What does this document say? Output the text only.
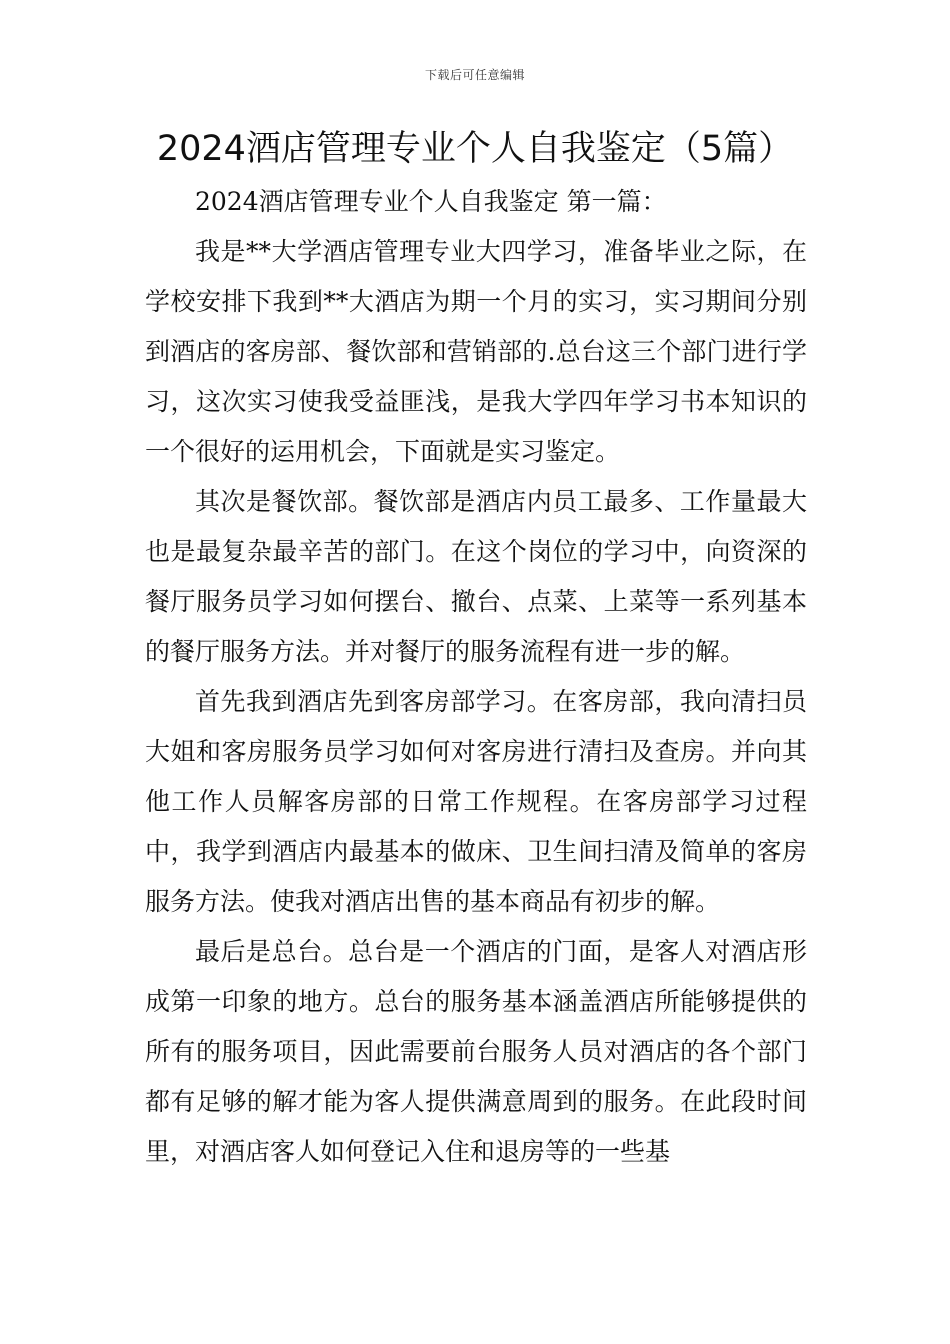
下载后可任意编辑
2024酒店管理专业个人自我鉴定（5篇）

2024酒店管理专业个人自我鉴定 第一篇：

我是**大学酒店管理专业大四学习，准备毕业之际，在学校安排下我到**大酒店为期一个月的实习，实习期间分别到酒店的客房部、餐饮部和营销部的.总台这三个部门进行学习，这次实习使我受益匪浅，是我大学四年学习书本知识的一个很好的运用机会，下面就是实习鉴定。

其次是餐饮部。餐饮部是酒店内员工最多、工作量最大也是最复杂最辛苦的部门。在这个岗位的学习中，向资深的餐厅服务员学习如何摆台、撤台、点菜、上菜等一系列基本的餐厅服务方法。并对餐厅的服务流程有进一步的解。

首先我到酒店先到客房部学习。在客房部，我向清扫员大姐和客房服务员学习如何对客房进行清扫及查房。并向其他工作人员解客房部的日常工作规程。在客房部学习过程中，我学到酒店内最基本的做床、卫生间扫清及简单的客房服务方法。使我对酒店出售的基本商品有初步的解。

最后是总台。总台是一个酒店的门面，是客人对酒店形成第一印象的地方。总台的服务基本涵盖酒店所能够提供的所有的服务项目，因此需要前台服务人员对酒店的各个部门都有足够的解才能为客人提供满意周到的服务。在此段时间里，对酒店客人如何登记入住和退房等的一些基
